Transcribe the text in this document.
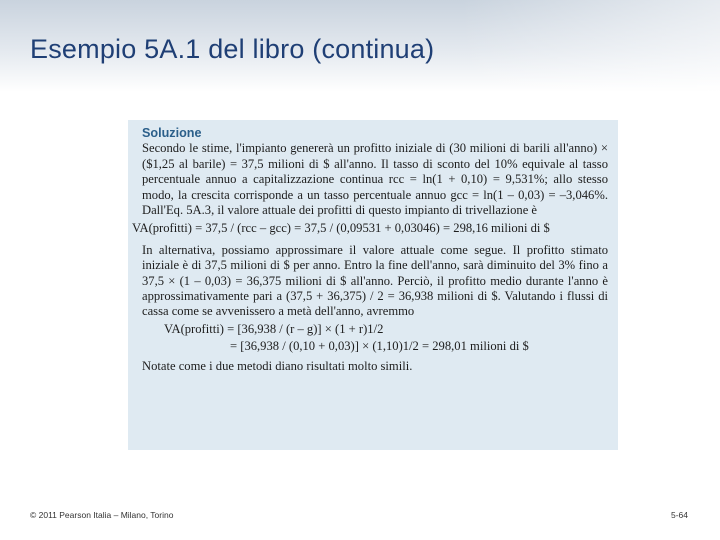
Esempio 5A.1 del libro (continua)
Soluzione

Secondo le stime, l'impianto genererà un profitto iniziale di (30 milioni di barili all'anno) × ($1,25 al barile) = 37,5 milioni di $ all'anno. Il tasso di sconto del 10% equivale al tasso percentuale annuo a capitalizzazione continua rcc = ln(1 + 0,10) = 9,531%; allo stesso modo, la crescita corrisponde a un tasso percentuale annuo gcc = ln(1 – 0,03) = –3,046%. Dall'Eq. 5A.3, il valore attuale dei profitti di questo impianto di trivellazione è

VA(profitti) = 37,5 / (rcc – gcc) = 37,5 / (0,09531 + 0,03046) = 298,16 milioni di $

In alternativa, possiamo approssimare il valore attuale come segue. Il profitto stimato iniziale è di 37,5 milioni di $ per anno. Entro la fine dell'anno, sarà diminuito del 3% fino a 37,5 × (1 – 0,03) = 36,375 milioni di $ all'anno. Perciò, il profitto medio durante l'anno è approssimativamente pari a (37,5 + 36,375) / 2 = 36,938 milioni di $. Valutando i flussi di cassa come se avvenissero a metà dell'anno, avremmo

VA(profitti) = [36,938 / (r – g)] × (1 + r)1/2

= [36,938 / (0,10 + 0,03)] × (1,10)1/2 = 298,01 milioni di $

Notate come i due metodi diano risultati molto simili.

© 2011 Pearson Italia – Milano, Torino	5-64
